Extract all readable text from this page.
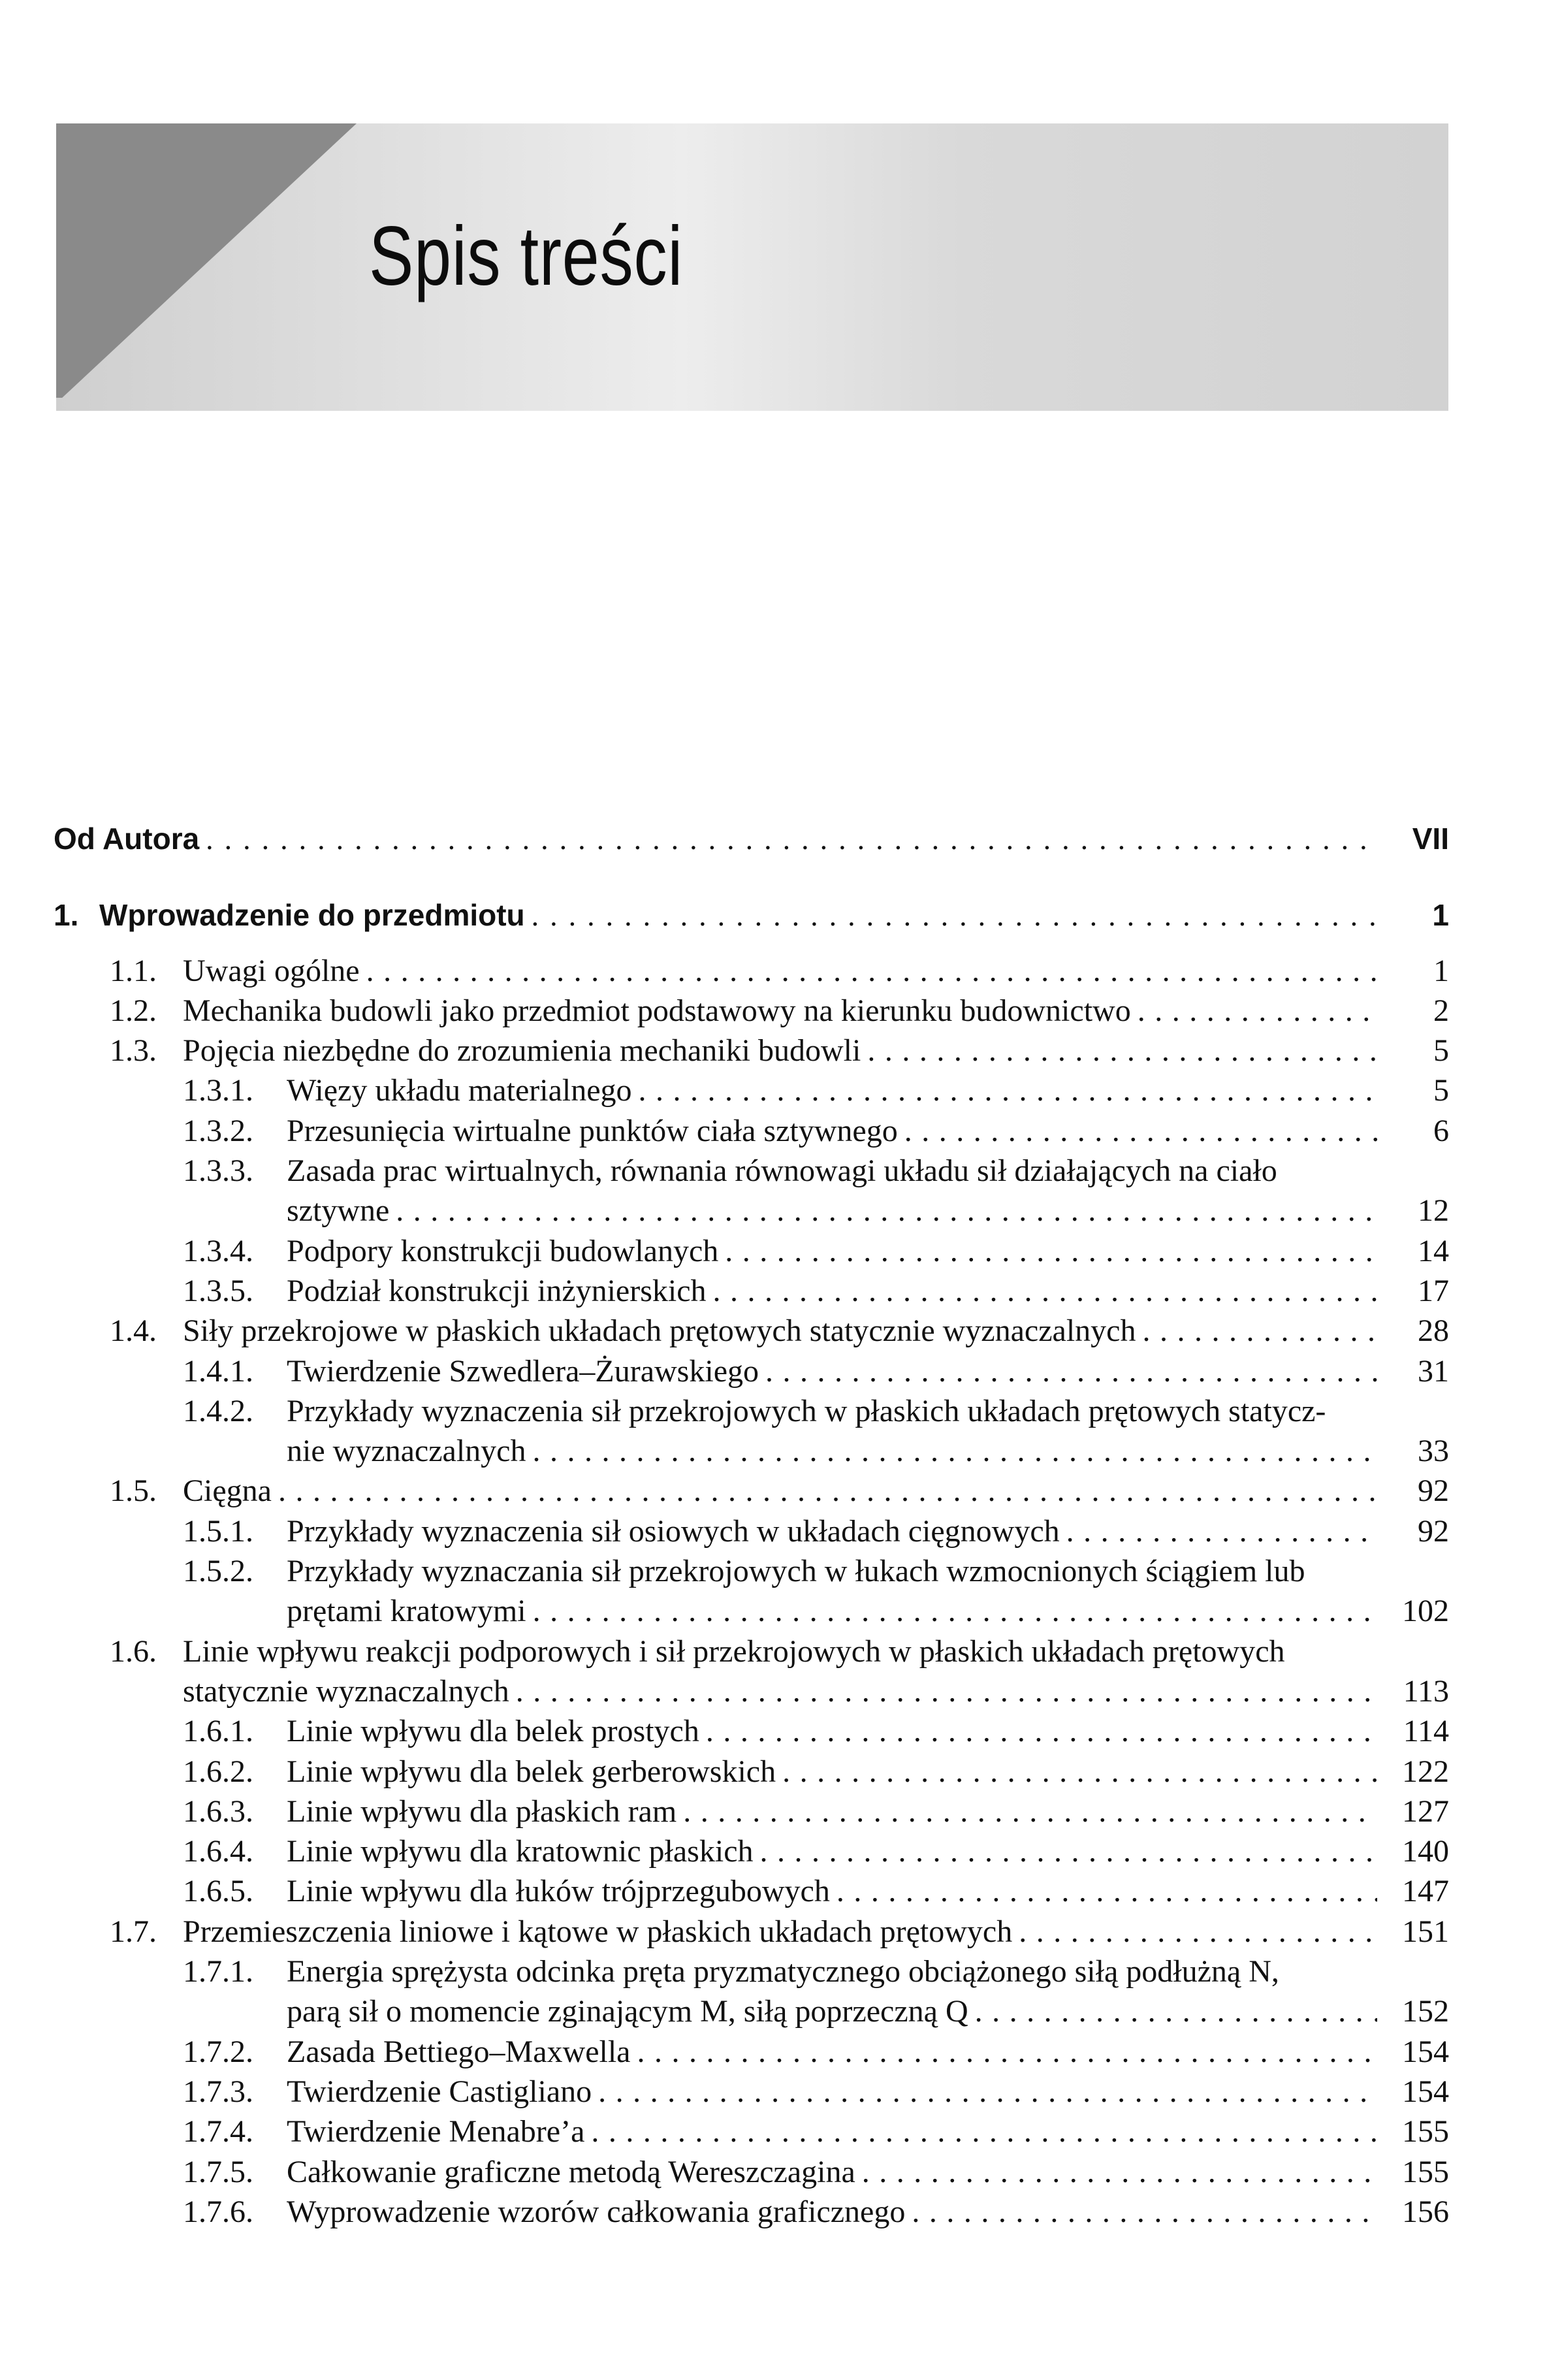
Spis treści
Od Autora .....	VII
1. Wprowadzenie do przedmiotu .....	1
1.1. Uwagi ogólne .....	1
1.2. Mechanika budowli jako przedmiot podstawowy na kierunku budownictwo .....	2
1.3. Pojęcia niezbędne do zrozumienia mechaniki budowli .....	5
1.3.1. Więzy układu materialnego .....	5
1.3.2. Przesunięcia wirtualne punktów ciała sztywnego .....	6
1.3.3. Zasada prac wirtualnych, równania równowagi układu sił działających na ciało
sztywne .....	12
1.3.4. Podpory konstrukcji budowlanych .....	14
1.3.5. Podział konstrukcji inżynierskich .....	17
1.4. Siły przekrojowe w płaskich układach prętowych statycznie wyznaczalnych .....	28
1.4.1. Twierdzenie Szwedlera–Żurawskiego .....	31
1.4.2. Przykłady wyznaczenia sił przekrojowych w płaskich układach prętowych statycz-
nie wyznaczalnych .....	33
1.5. Cięgna .....	92
1.5.1. Przykłady wyznaczenia sił osiowych w układach cięgnowych .....	92
1.5.2. Przykłady wyznaczania sił przekrojowych w łukach wzmocnionych ściągiem lub
prętami kratowymi .....	102
1.6. Linie wpływu reakcji podporowych i sił przekrojowych w płaskich układach prętowych
statycznie wyznaczalnych .....	113
1.6.1. Linie wpływu dla belek prostych .....	114
1.6.2. Linie wpływu dla belek gerberowskich .....	122
1.6.3. Linie wpływu dla płaskich ram .....	127
1.6.4. Linie wpływu dla kratownic płaskich .....	140
1.6.5. Linie wpływu dla łuków trójprzegubowych .....	147
1.7. Przemieszczenia liniowe i kątowe w płaskich układach prętowych .....	151
1.7.1. Energia sprężysta odcinka pręta pryzmatycznego obciążonego siłą podłużną N,
parą sił o momencie zginającym M, siłą poprzeczną Q .....	152
1.7.2. Zasada Bettiego–Maxwella .....	154
1.7.3. Twierdzenie Castigliano .....	154
1.7.4. Twierdzenie Menabre’a .....	155
1.7.5. Całkowanie graficzne metodą Wereszczagina .....	155
1.7.6. Wyprowadzenie wzorów całkowania graficznego .....	156
